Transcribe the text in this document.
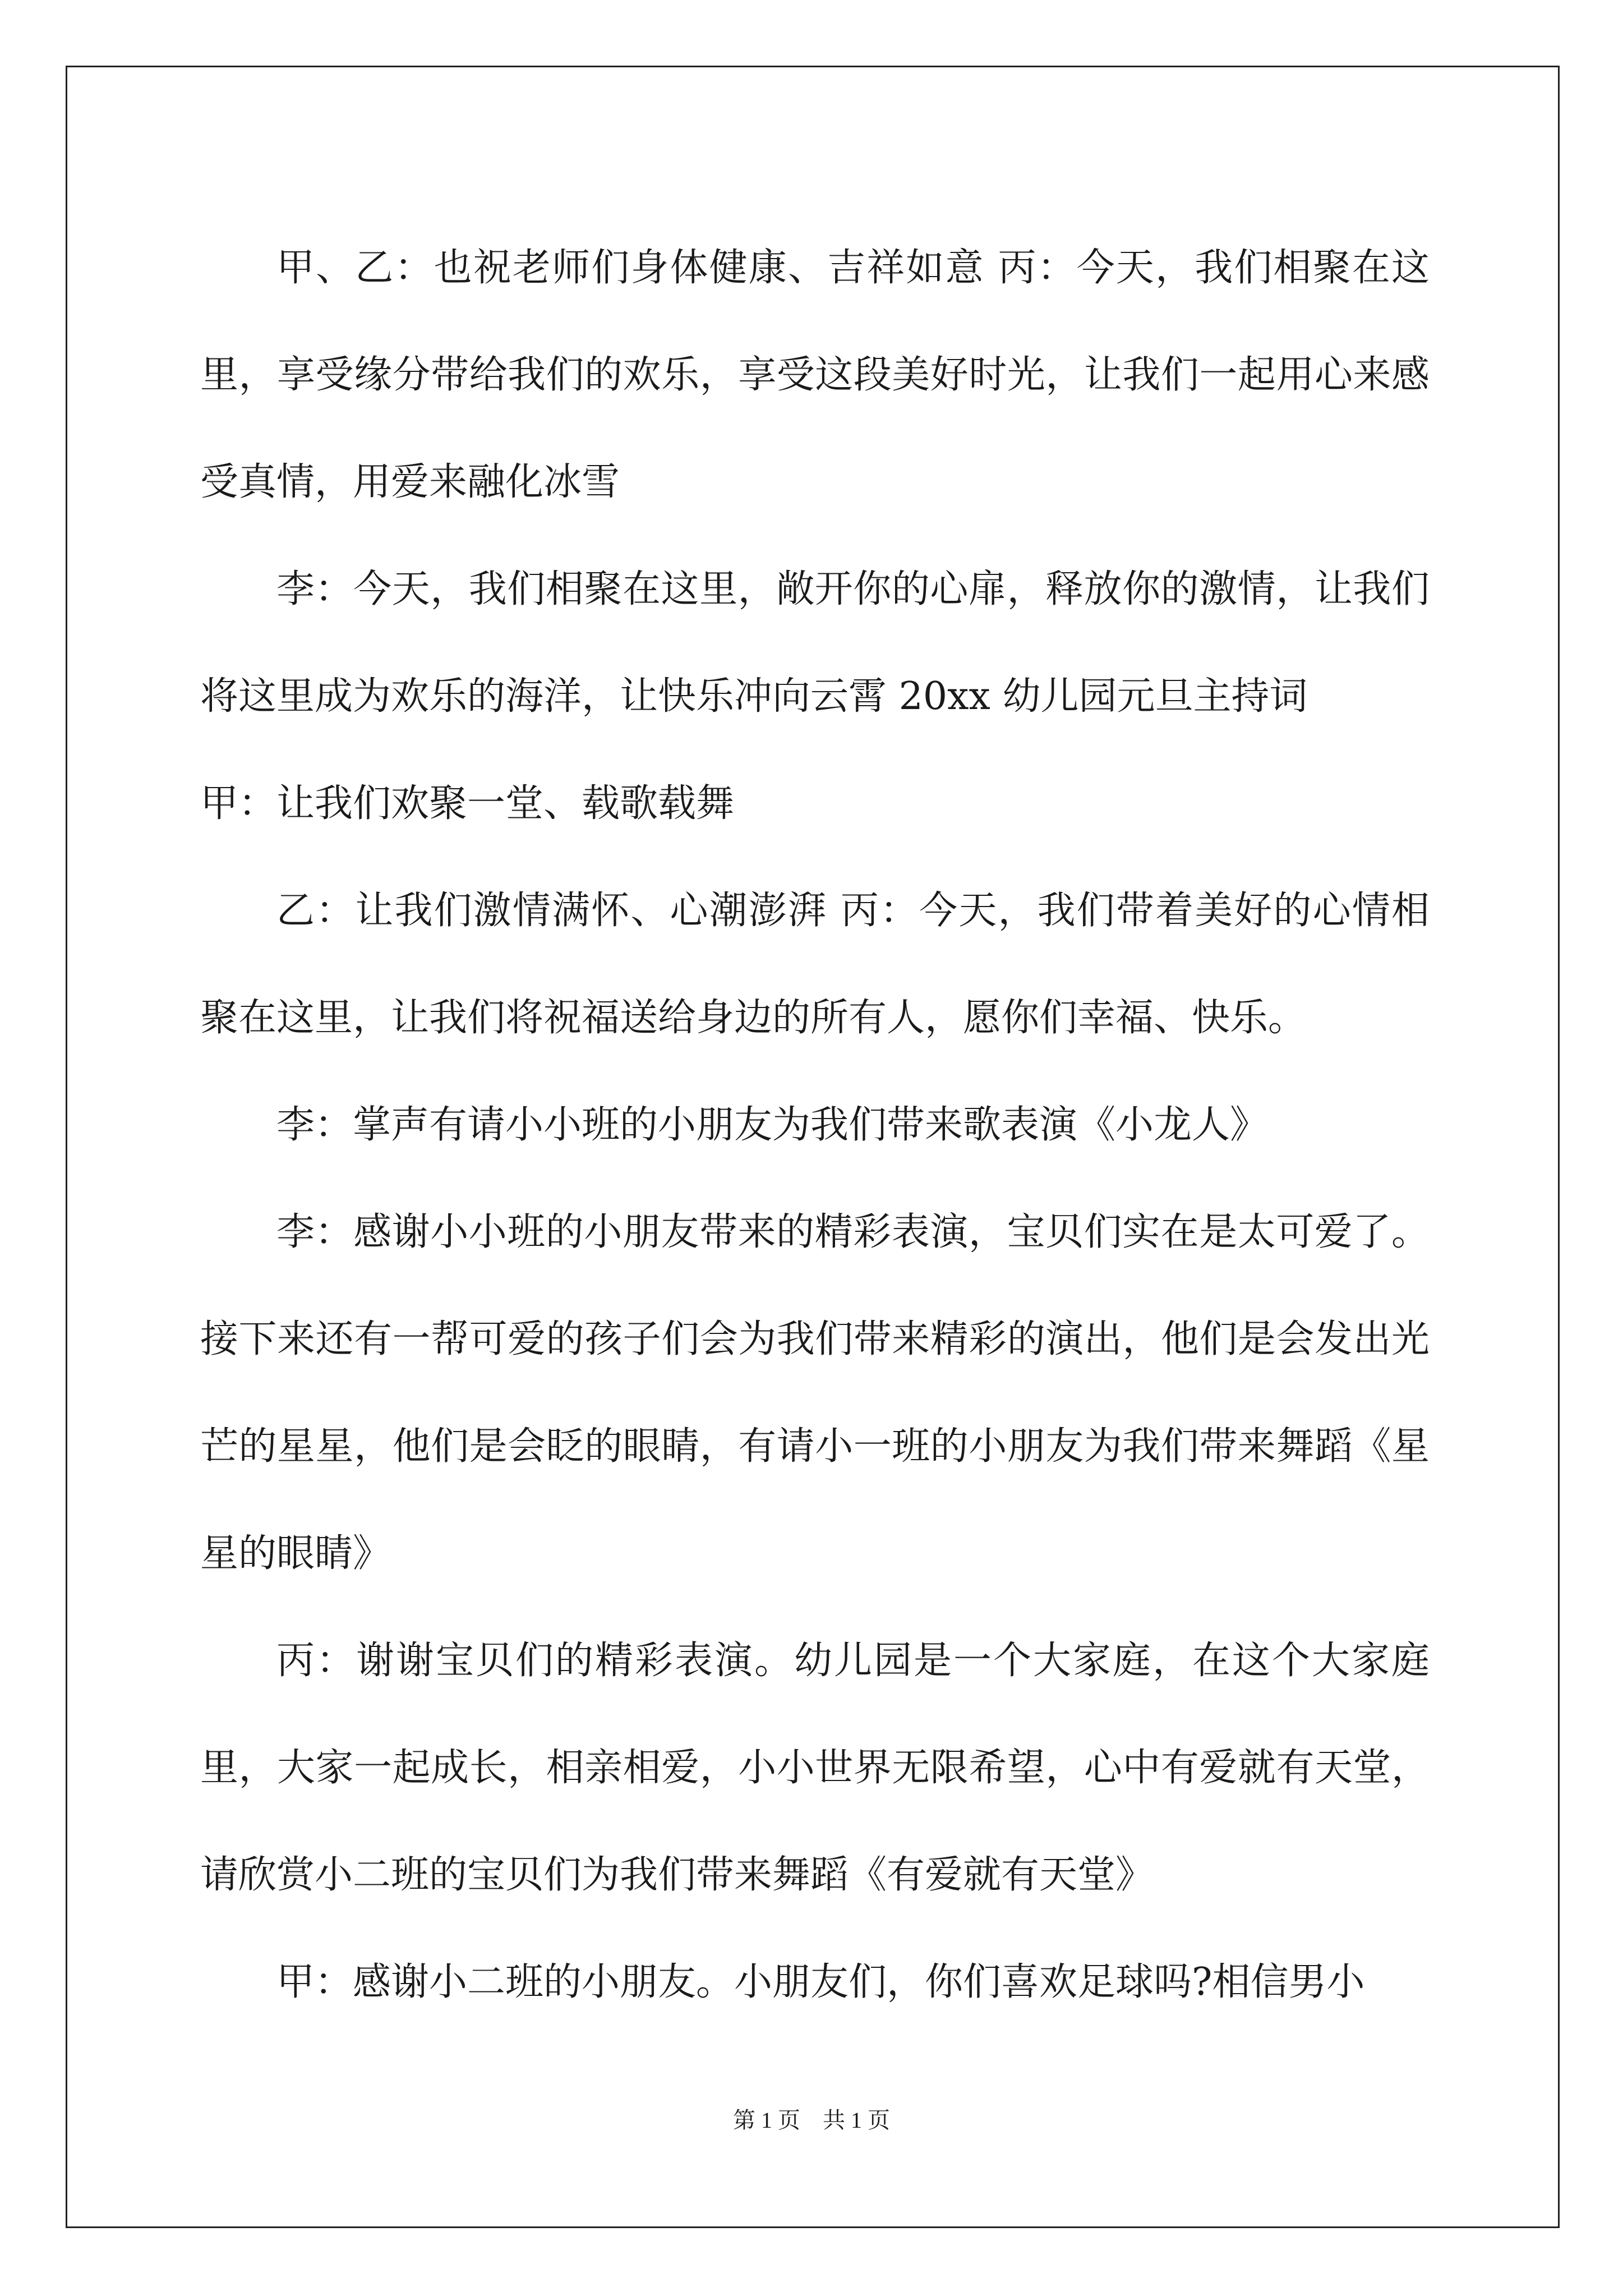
甲、乙：也祝老师们身体健康、吉祥如意 丙：今天，我们相聚在这里，享受缘分带给我们的欢乐，享受这段美好时光，让我们一起用心来感受真情，用爱来融化冰雪

李：今天，我们相聚在这里，敞开你的心扉，释放你的激情，让我们将这里成为欢乐的海洋，让快乐冲向云霄 20xx 幼儿园元旦主持词

甲：让我们欢聚一堂、载歌载舞

乙：让我们激情满怀、心潮澎湃 丙：今天，我们带着美好的心情相聚在这里，让我们将祝福送给身边的所有人，愿你们幸福、快乐。

李：掌声有请小小班的小朋友为我们带来歌表演《小龙人》

李：感谢小小班的小朋友带来的精彩表演，宝贝们实在是太可爱了。接下来还有一帮可爱的孩子们会为我们带来精彩的演出，他们是会发出光芒的星星，他们是会眨的眼睛，有请小一班的小朋友为我们带来舞蹈《星星的眼睛》

丙：谢谢宝贝们的精彩表演。幼儿园是一个大家庭，在这个大家庭里，大家一起成长，相亲相爱，小小世界无限希望，心中有爱就有天堂，请欣赏小二班的宝贝们为我们带来舞蹈《有爱就有天堂》

甲：感谢小二班的小朋友。小朋友们，你们喜欢足球吗?相信男小

第 1 页 共 1 页
